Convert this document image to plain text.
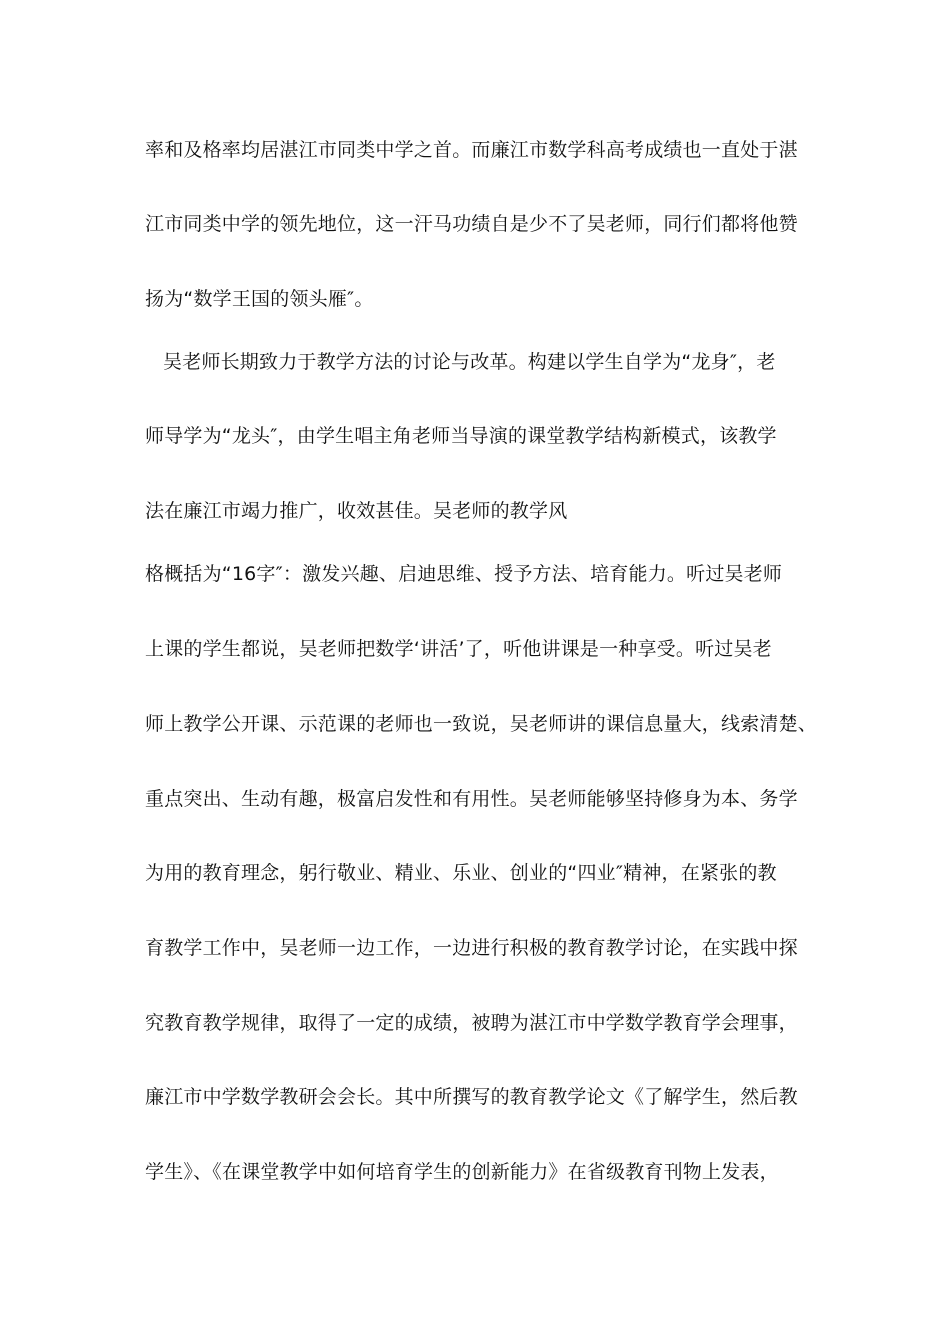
率和及格率均居湛江市同类中学之首。而廉江市数学科高考成绩也一直处于湛
江市同类中学的领先地位，这一汗马功绩自是少不了吴老师，同行们都将他赞
扬为“数学王国的领头雁″。
吴老师长期致力于教学方法的讨论与改革。构建以学生自学为“龙身″，老
师导学为“龙头″，由学生唱主角老师当导演的课堂教学结构新模式，该教学
法在廉江市竭力推广，收效甚佳。吴老师的教学风
格概括为“16字″：激发兴趣、启迪思维、授予方法、培育能力。听过吴老师
上课的学生都说，吴老师把数学‘讲活’了，听他讲课是一种享受。听过吴老
师上教学公开课、示范课的老师也一致说，吴老师讲的课信息量大，线索清楚、
重点突出、生动有趣，极富启发性和有用性。吴老师能够坚持修身为本、务学
为用的教育理念，躬行敬业、精业、乐业、创业的“四业″精神，在紧张的教
育教学工作中，吴老师一边工作，一边进行积极的教育教学讨论，在实践中探
究教育教学规律，取得了一定的成绩，被聘为湛江市中学数学教育学会理事，
廉江市中学数学教研会会长。其中所撰写的教育教学论文《了解学生，然后教
学生》、《在课堂教学中如何培育学生的创新能力》在省级教育刊物上发表，
